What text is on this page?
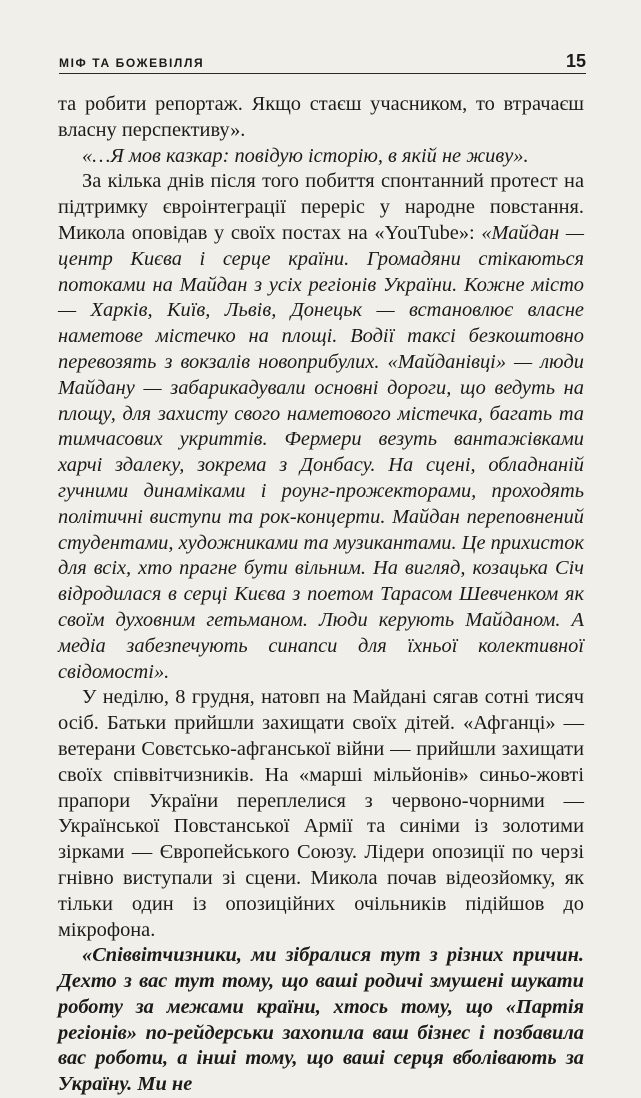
МІФ ТА БОЖЕВІЛЛЯ	15

та робити репортаж. Якщо стаєш учасником, то втрачаєш власну перспективу».

«…Я мов казкар: повідую історію, в якій не живу».

За кілька днів після того побиття спонтанний протест на підтримку євроінтеграції переріс у народне повстання. Микола оповідав у своїх постах на «YouTube»: «Майдан — центр Києва і серце країни. Громадяни стікаються потоками на Майдан з усіх регіонів України. Кожне місто — Харків, Київ, Львів, Донецьк — встановлює власне наметове містечко на площі. Водії таксі безкоштовно перевозять з вокзалів новоприбулих. «Майданівці» — люди Майдану — забарикадували основні дороги, що ведуть на площу, для захисту свого наметового містечка, багать та тимчасових укриттів. Фермери везуть вантажівками харчі здалеку, зокрема з Донбасу. На сцені, обладнаній гучними динаміками і роунг-прожекторами, проходять політичні виступи та рок-концерти. Майдан переповнений студентами, художниками та музикантами. Це прихисток для всіх, хто прагне бути вільним. На вигляд, козацька Січ відродилася в серці Києва з поетом Тарасом Шевченком як своїм духовним гетьманом. Люди керують Майданом. А медіа забезпечують синапси для їхньої колективної свідомості».

У неділю, 8 грудня, натовп на Майдані сягав сотні тисяч осіб. Батьки прийшли захищати своїх дітей. «Афганці» — ветерани Совєтсько-афганської війни — прийшли захищати своїх співвітчизників. На «марші мільйонів» синьо-жовті прапори України переплелися з червоно-чорними — Української Повстанської Армії та синіми із золотими зірками — Європейського Союзу. Лідери опозиції по черзі гнівно виступали зі сцени. Микола почав відеозйомку, як тільки один із опозиційних очільників підійшов до мікрофона.

«Співвітчизники, ми зібралися тут з різних причин. Дехто з вас тут тому, що ваші родичі змушені шукати роботу за межами країни, хтось тому, що «Партія регіонів» по-рейдерськи захопила ваш бізнес і позбавила вас роботи, а інші тому, що ваші серця вболівають за Україну. Ми не
